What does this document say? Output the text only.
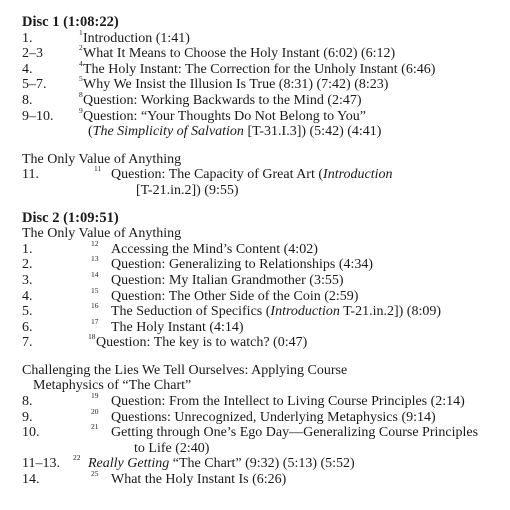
Disc 1 (1:08:22)
1.	1 Introduction (1:41)
2–3	2 What It Means to Choose the Holy Instant (6:02) (6:12)
4.	4 The Holy Instant: The Correction for the Unholy Instant (6:46)
5–7.	5 Why We Insist the Illusion Is True (8:31) (7:42) (8:23)
8.	8 Question: Working Backwards to the Mind (2:47)
9–10.	9 Question: “Your Thoughts Do Not Belong to You”
(The Simplicity of Salvation [T-31.I.3]) (5:42) (4:41)
The Only Value of Anything
11.	11 Question: The Capacity of Great Art (Introduction
[T-21.in.2]) (9:55)
Disc 2 (1:09:51)
The Only Value of Anything
1.	12 Accessing the Mind’s Content (4:02)
2.	13 Question: Generalizing to Relationships (4:34)
3.	14 Question: My Italian Grandmother (3:55)
4.	15 Question: The Other Side of the Coin (2:59)
5.	16 The Seduction of Specifics (Introduction T-21.in.2]) (8:09)
6.	17 The Holy Instant (4:14)
7.	18 Question: The key is to watch? (0:47)
Challenging the Lies We Tell Ourselves: Applying Course
Metaphysics of “The Chart”
8.	19 Question: From the Intellect to Living Course Principles (2:14)
9.	20 Questions: Unrecognized, Underlying Metaphysics (9:14)
10.	21 Getting through One’s Ego Day—Generalizing Course Principles
to Life (2:40)
11–13. 22 Really Getting “The Chart” (9:32) (5:13) (5:52)
14.	25 What the Holy Instant Is (6:26)
